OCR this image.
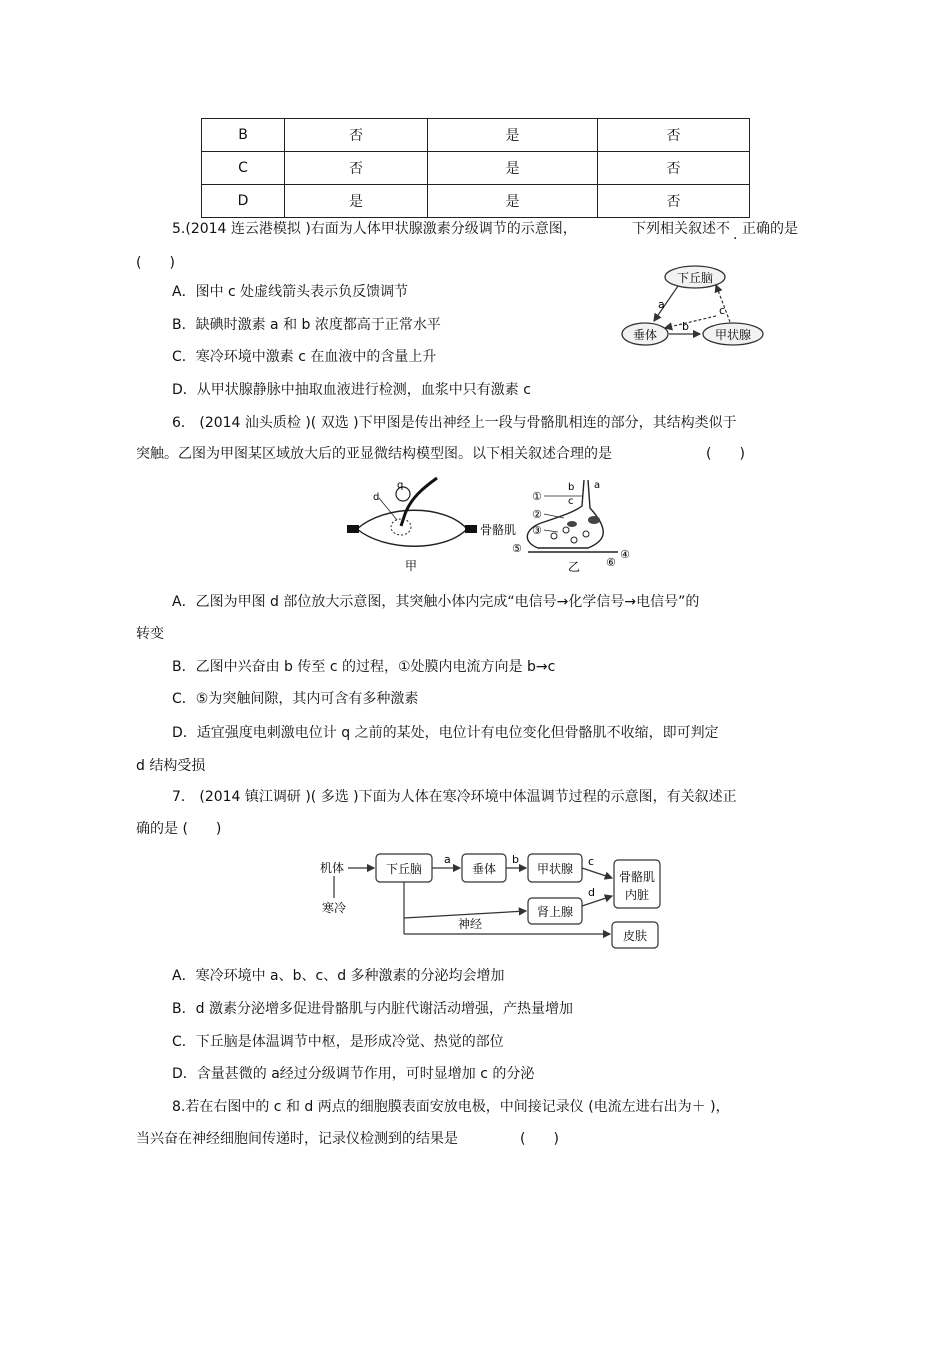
B	否	是	否
C	否	是	否
D	是	是	否
5.(2014 连云港模拟 )右面为人体甲状腺激素分级调节的示意图，	下列相关叙述不 . 正确的是
(　　)
A．图中 c 处虚线箭头表示负反馈调节
B．缺碘时激素 a 和 b 浓度都高于正常水平
C．寒冷环境中激素 c 在血液中的含量上升
D．从甲状腺静脉中抽取血液进行检测，血浆中只有激素 c
下丘脑
垂体	甲状腺
a
b
c
6． (2014 汕头质检 )( 双选 )下甲图是传出神经上一段与骨骼肌相连的部分，其结构类似于
突触。乙图为甲图某区域放大后的亚显微结构模型图。以下相关叙述合理的是	(　　)
q
d
骨骼肌
甲
a
b
c
①
②
③
⑤
⑥
④
乙
A．乙图为甲图 d 部位放大示意图，其突触小体内完成“电信号→化学信号→电信号”的
转变
B．乙图中兴奋由 b 传至 c 的过程，①处膜内电流方向是 b→c
C．⑤为突触间隙，其内可含有多种激素
D．适宜强度电刺激电位计 q 之前的某处，电位计有电位变化但骨骼肌不收缩，即可判定
d 结构受损
7． (2014 镇江调研 )( 多选 )下面为人体在寒冷环境中体温调节过程的示意图，有关叙述正
确的是 (　　)
机体
寒冷
下丘脑
a
垂体
b
甲状腺
c
肾上腺
d
骨骼肌
内脏
神经
皮肤
A．寒冷环境中 a、b、c、d 多种激素的分泌均会增加
B．d 激素分泌增多促进骨骼肌与内脏代谢活动增强，产热量增加
C．下丘脑是体温调节中枢，是形成冷觉、热觉的部位
D．含量甚微的 a经过分级调节作用，可时显增加 c 的分泌
8.若在右图中的 c 和 d 两点的细胞膜表面安放电极，中间接记录仪 (电流左进右出为＋ )，
当兴奋在神经细胞间传递时，记录仪检测到的结果是	(　　)
